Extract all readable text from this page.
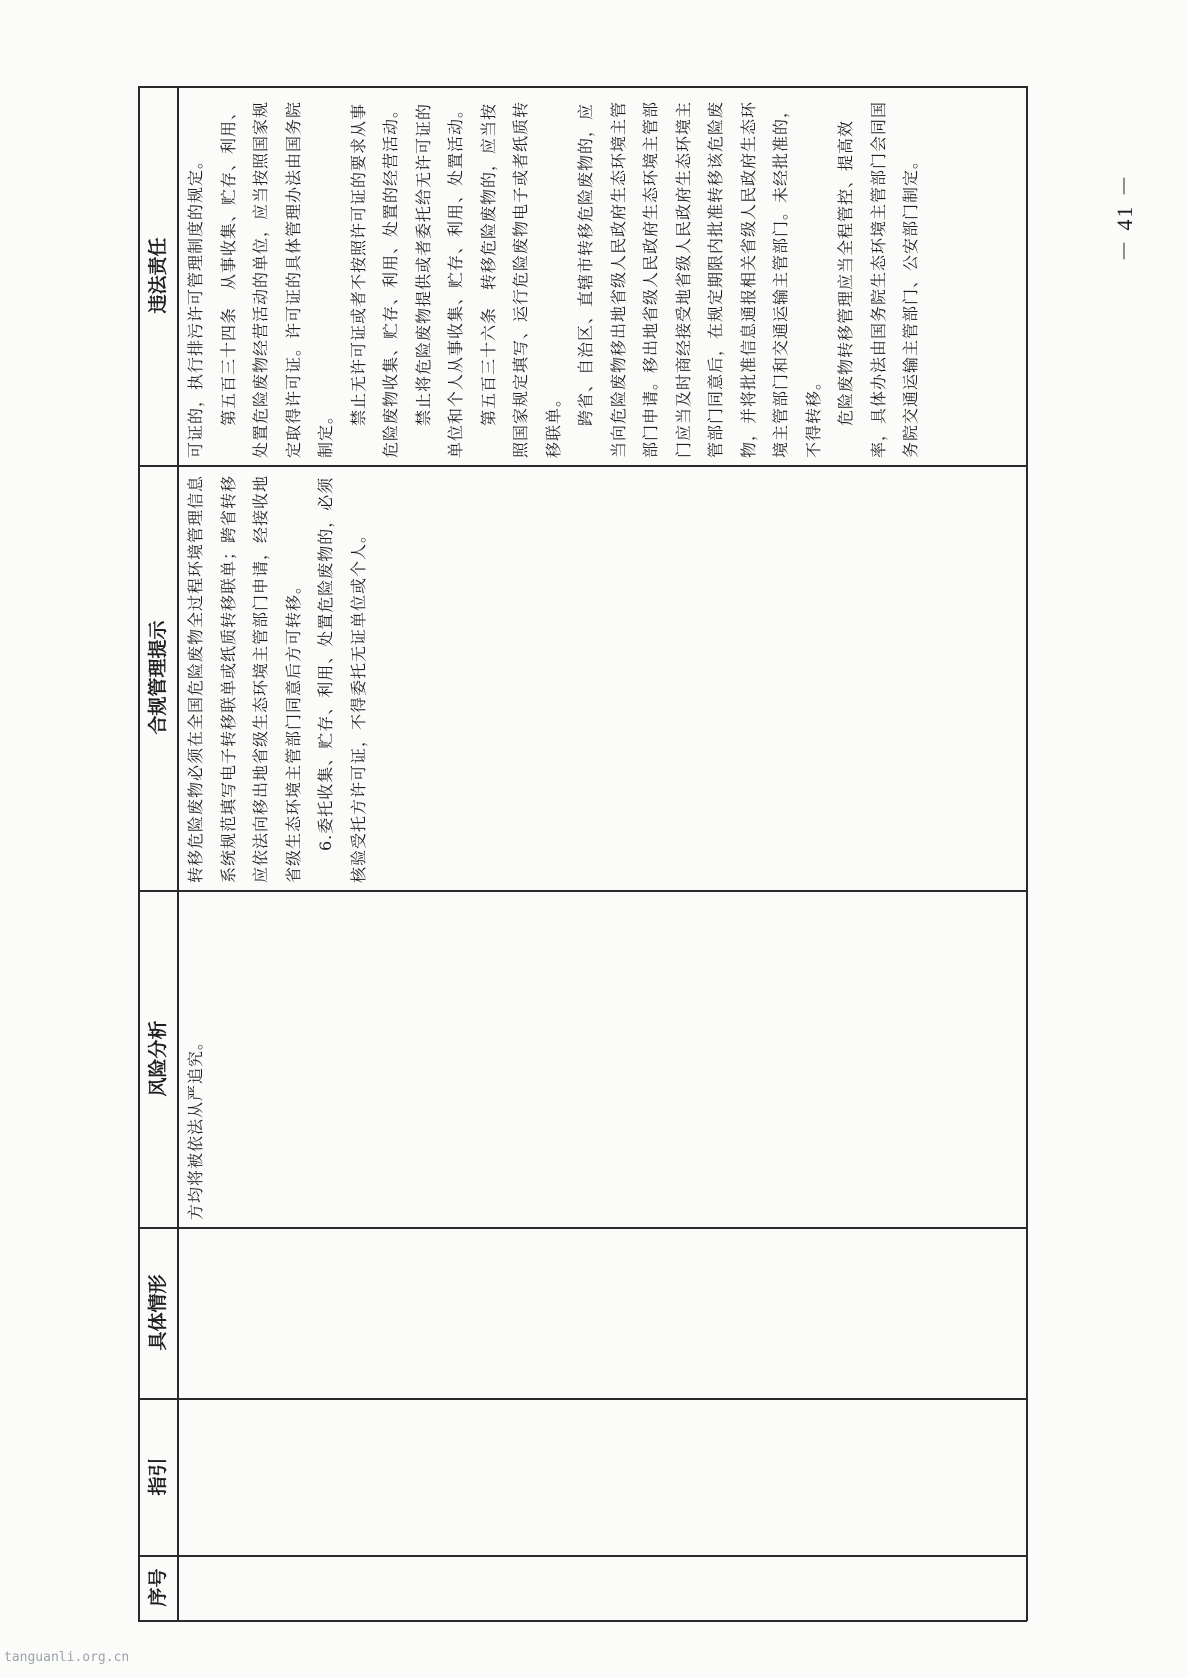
违法责任
合规管理提示
风险分析
具体情形
指引
序号

可证的，执行排污许可管理制度的规定。 第五百三十四条　从事收集、贮存、利用、处置危险废物经营活动的单位，应当按照国家规定取得许可证。许可证的具体管理办法由国务院制定。

禁止无许可证或者不按照许可证的要求从事危险废物收集、贮存、利用、处置的经营活动。 禁止将危险废物提供或者委托给无许可证的单位和个人从事收集、贮存、利用、处置活动。 第五百三十六条　转移危险废物的，应当按照国家规定填写、运行危险废物电子或者纸质转移联单。 跨省、自治区、直辖市转移危险废物的，应当向危险废物移出地省级人民政府生态环境主管部门申请。移出地省级人民政府生态环境主管部门应当及时商经接受地省级人民政府生态环境主管部门同意后，在规定期限内批准转移该危险废物，并将批准信息通报相关省级人民政府生态环境主管部门和交通运输主管部门。未经批准的，不得转移。 危险废物转移管理应当全程管控、提高效率，具体办法由国务院生态环境主管部门会同国务院交通运输主管部门、公安部门制定。

转移危险废物必须在全国危险废物全过程环境管理信息系统规范填写电子转移联单或纸质转移联单；跨省转移应依法向移出地省级生态环境主管部门申请，经接收地省级生态环境主管部门同意后方可转移。 6.委托收集、贮存、利用、处置危险废物的，必须核验受托方许可证，不得委托无证单位或个人。

方均将被依法从严追究。

－ 41 －
tanguanli.org.cn
